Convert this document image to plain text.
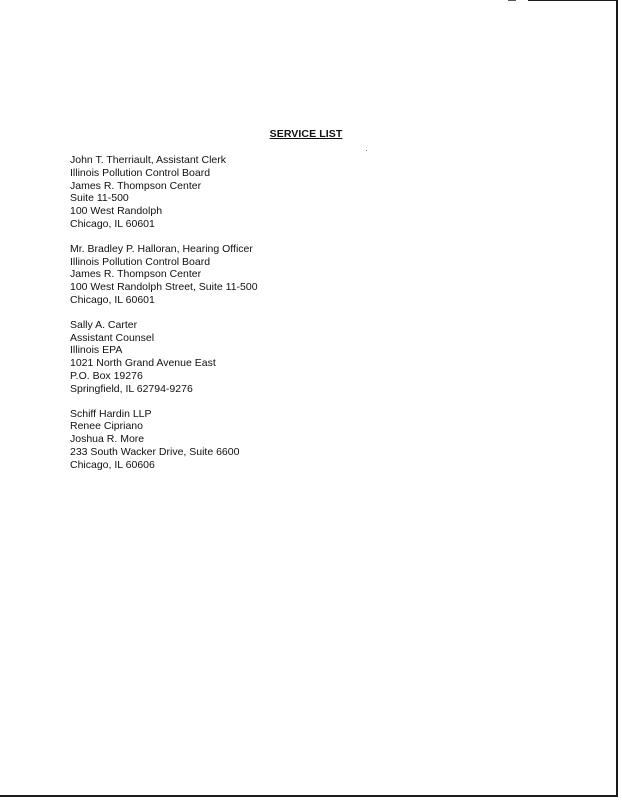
SERVICE LIST
John T. Therriault, Assistant Clerk
Illinois Pollution Control Board
James R. Thompson Center
Suite 11-500
100 West Randolph
Chicago, IL 60601
Mr. Bradley P. Halloran, Hearing Officer
Illinois Pollution Control Board
James R. Thompson Center
100 West Randolph Street, Suite 11-500
Chicago, IL 60601
Sally A. Carter
Assistant Counsel
Illinois EPA
1021 North Grand Avenue East
P.O. Box 19276
Springfield, IL 62794-9276
Schiff Hardin LLP
Renee Cipriano
Joshua R. More
233 South Wacker Drive, Suite 6600
Chicago, IL 60606
